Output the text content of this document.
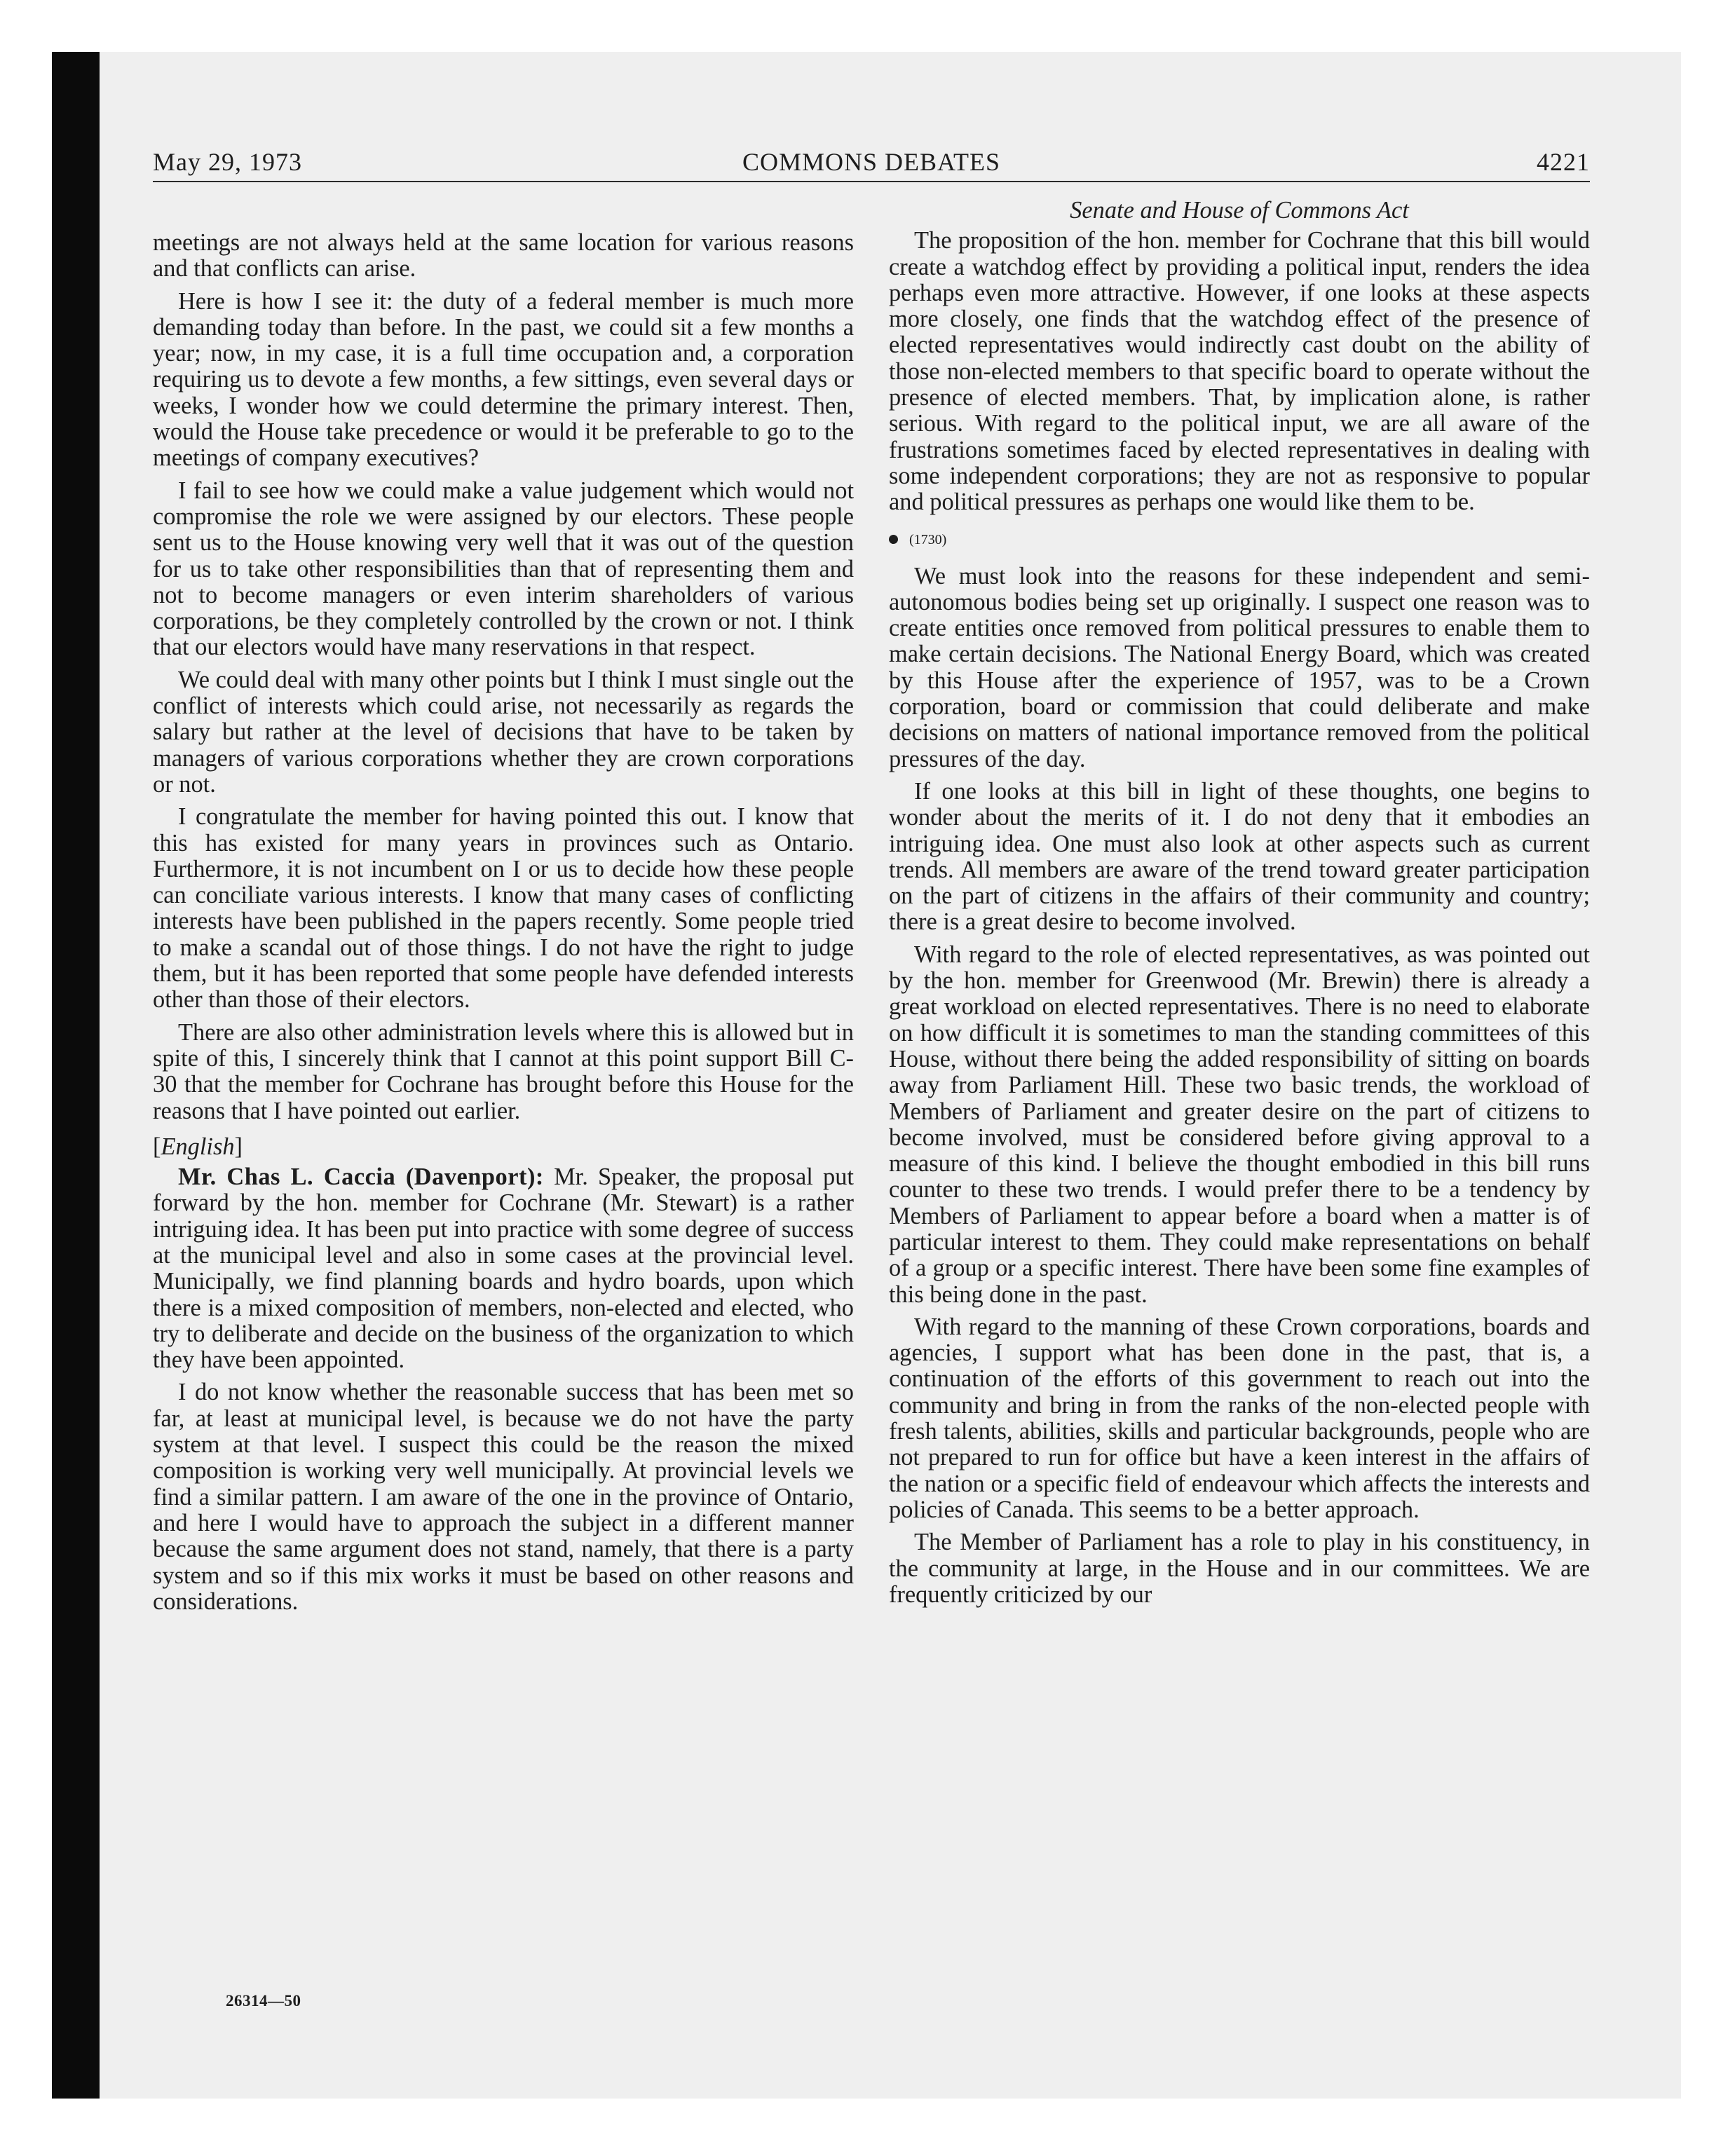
May 29, 1973	COMMONS DEBATES	4221

meetings are not always held at the same location for various reasons and that conflicts can arise.

Here is how I see it: the duty of a federal member is much more demanding today than before. In the past, we could sit a few months a year; now, in my case, it is a full time occupation and, a corporation requiring us to devote a few months, a few sittings, even several days or weeks, I wonder how we could determine the primary interest. Then, would the House take precedence or would it be preferable to go to the meetings of company executives?

I fail to see how we could make a value judgement which would not compromise the role we were assigned by our electors. These people sent us to the House knowing very well that it was out of the question for us to take other responsibilities than that of representing them and not to become managers or even interim shareholders of various corporations, be they completely controlled by the crown or not. I think that our electors would have many reservations in that respect.

We could deal with many other points but I think I must single out the conflict of interests which could arise, not necessarily as regards the salary but rather at the level of decisions that have to be taken by managers of various corporations whether they are crown corporations or not.

I congratulate the member for having pointed this out. I know that this has existed for many years in provinces such as Ontario. Furthermore, it is not incumbent on I or us to decide how these people can conciliate various interests. I know that many cases of conflicting interests have been published in the papers recently. Some people tried to make a scandal out of those things. I do not have the right to judge them, but it has been reported that some people have defended interests other than those of their electors.

There are also other administration levels where this is allowed but in spite of this, I sincerely think that I cannot at this point support Bill C-30 that the member for Cochrane has brought before this House for the reasons that I have pointed out earlier.

[English]

Mr. Chas L. Caccia (Davenport): Mr. Speaker, the proposal put forward by the hon. member for Cochrane (Mr. Stewart) is a rather intriguing idea. It has been put into practice with some degree of success at the municipal level and also in some cases at the provincial level. Municipally, we find planning boards and hydro boards, upon which there is a mixed composition of members, non-elected and elected, who try to deliberate and decide on the business of the organization to which they have been appointed.

I do not know whether the reasonable success that has been met so far, at least at municipal level, is because we do not have the party system at that level. I suspect this could be the reason the mixed composition is working very well municipally. At provincial levels we find a similar pattern. I am aware of the one in the province of Ontario, and here I would have to approach the subject in a different manner because the same argument does not stand, namely, that there is a party system and so if this mix works it must be based on other reasons and considerations.

Senate and House of Commons Act

The proposition of the hon. member for Cochrane that this bill would create a watchdog effect by providing a political input, renders the idea perhaps even more attractive. However, if one looks at these aspects more closely, one finds that the watchdog effect of the presence of elected representatives would indirectly cast doubt on the ability of those non-elected members to that specific board to operate without the presence of elected members. That, by implication alone, is rather serious. With regard to the political input, we are all aware of the frustrations sometimes faced by elected representatives in dealing with some independent corporations; they are not as responsive to popular and political pressures as perhaps one would like them to be.

(1730)

We must look into the reasons for these independent and semi-autonomous bodies being set up originally. I suspect one reason was to create entities once removed from political pressures to enable them to make certain decisions. The National Energy Board, which was created by this House after the experience of 1957, was to be a Crown corporation, board or commission that could deliberate and make decisions on matters of national importance removed from the political pressures of the day.

If one looks at this bill in light of these thoughts, one begins to wonder about the merits of it. I do not deny that it embodies an intriguing idea. One must also look at other aspects such as current trends. All members are aware of the trend toward greater participation on the part of citizens in the affairs of their community and country; there is a great desire to become involved.

With regard to the role of elected representatives, as was pointed out by the hon. member for Greenwood (Mr. Brewin) there is already a great workload on elected representatives. There is no need to elaborate on how difficult it is sometimes to man the standing committees of this House, without there being the added responsibility of sitting on boards away from Parliament Hill. These two basic trends, the workload of Members of Parliament and greater desire on the part of citizens to become involved, must be considered before giving approval to a measure of this kind. I believe the thought embodied in this bill runs counter to these two trends. I would prefer there to be a tendency by Members of Parliament to appear before a board when a matter is of particular interest to them. They could make representations on behalf of a group or a specific interest. There have been some fine examples of this being done in the past.

With regard to the manning of these Crown corporations, boards and agencies, I support what has been done in the past, that is, a continuation of the efforts of this government to reach out into the community and bring in from the ranks of the non-elected people with fresh talents, abilities, skills and particular backgrounds, people who are not prepared to run for office but have a keen interest in the affairs of the nation or a specific field of endeavour which affects the interests and policies of Canada. This seems to be a better approach.

The Member of Parliament has a role to play in his constituency, in the community at large, in the House and in our committees. We are frequently criticized by our

26314—50
